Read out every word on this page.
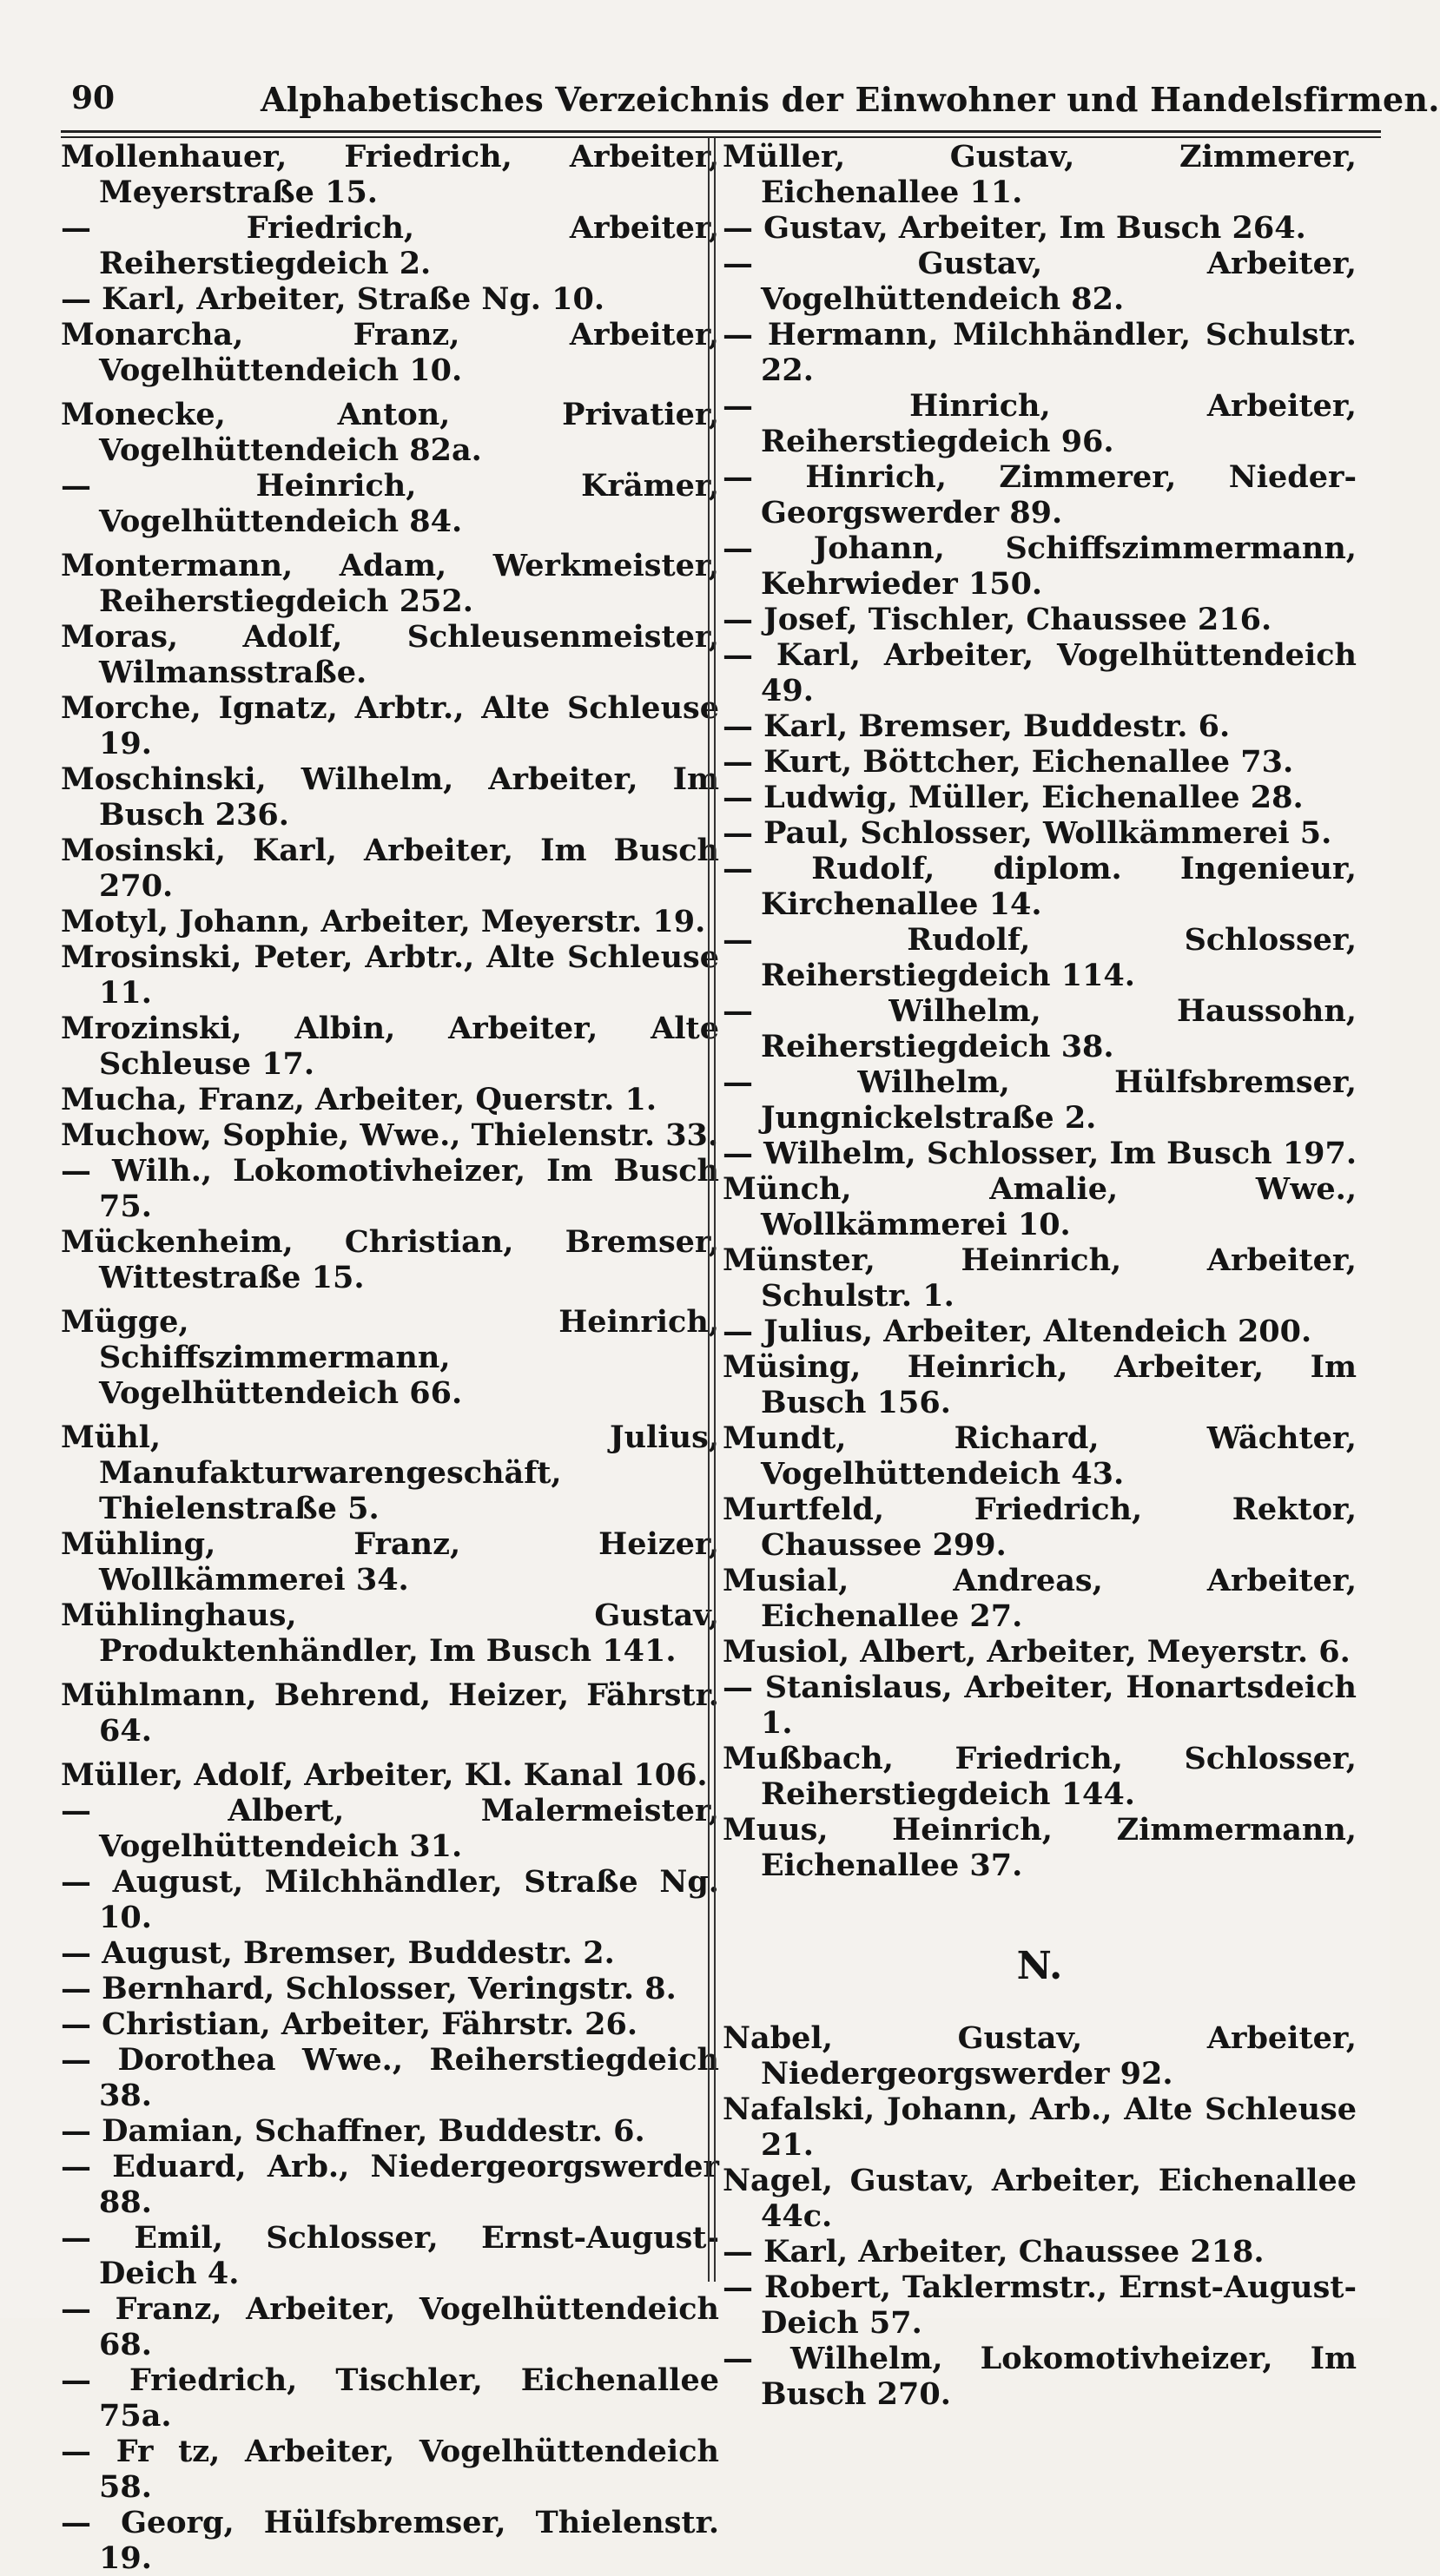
90	Alphabetisches Verzeichnis der Einwohner und Handelsfirmen.
Mollenhauer, Friedrich, Arbeiter, Meyerstraße 15.
— Friedrich, Arbeiter, Reiherstiegdeich 2.
— Karl, Arbeiter, Straße Ng. 10.
Monarcha, Franz, Arbeiter, Vogelhüttendeich 10.
Monecke, Anton, Privatier, Vogelhüttendeich 82a.
— Heinrich, Krämer, Vogelhüttendeich 84.
Montermann, Adam, Werkmeister, Reiherstiegdeich 252.
Moras, Adolf, Schleusenmeister, Wilmansstraße.
Morche, Ignatz, Arbtr., Alte Schleuse 19.
Moschinski, Wilhelm, Arbeiter, Im Busch 236.
Mosinski, Karl, Arbeiter, Im Busch 270.
Motyl, Johann, Arbeiter, Meyerstr. 19.
Mrosinski, Peter, Arbtr., Alte Schleuse 11.
Mrozinski, Albin, Arbeiter, Alte Schleuse 17.
Mucha, Franz, Arbeiter, Querstr. 1.
Muchow, Sophie, Wwe., Thielenstr. 33.
— Wilh., Lokomotivheizer, Im Busch 75.
Mückenheim, Christian, Bremser, Wittestraße 15.
Mügge, Heinrich, Schiffszimmermann, Vogelhüttendeich 66.
Mühl, Julius, Manufakturwarengeschäft, Thielenstraße 5.
Mühling, Franz, Heizer, Wollkämmerei 34.
Mühlinghaus, Gustav, Produktenhändler, Im Busch 141.
Mühlmann, Behrend, Heizer, Fährstr. 64.
Müller, Adolf, Arbeiter, Kl. Kanal 106.
— Albert, Malermeister, Vogelhüttendeich 31.
— August, Milchhändler, Straße Ng. 10.
— August, Bremser, Buddestr. 2.
— Bernhard, Schlosser, Veringstr. 8.
— Christian, Arbeiter, Fährstr. 26.
— Dorothea Wwe., Reiherstiegdeich 38.
— Damian, Schaffner, Buddestr. 6.
— Eduard, Arb., Niedergeorgswerder 88.
— Emil, Schlosser, Ernst-August-Deich 4.
— Franz, Arbeiter, Vogelhüttendeich 68.
— Friedrich, Tischler, Eichenallee 75a.
— Fr tz, Arbeiter, Vogelhüttendeich 58.
— Georg, Hülfsbremser, Thielenstr. 19.
Müller, Gustav, Zimmerer, Eichenallee 11.
— Gustav, Arbeiter, Im Busch 264.
— Gustav, Arbeiter, Vogelhüttendeich 82.
— Hermann, Milchhändler, Schulstr. 22.
— Hinrich, Arbeiter, Reiherstiegdeich 96.
— Hinrich, Zimmerer, Nieder-Georgswerder 89.
— Johann, Schiffszimmermann, Kehrwieder 150.
— Josef, Tischler, Chaussee 216.
— Karl, Arbeiter, Vogelhüttendeich 49.
— Karl, Bremser, Buddestr. 6.
— Kurt, Böttcher, Eichenallee 73.
— Ludwig, Müller, Eichenallee 28.
— Paul, Schlosser, Wollkämmerei 5.
— Rudolf, diplom. Ingenieur, Kirchenallee 14.
— Rudolf, Schlosser, Reiherstiegdeich 114.
— Wilhelm, Haussohn, Reiherstiegdeich 38.
— Wilhelm, Hülfsbremser, Jungnickelstraße 2.
— Wilhelm, Schlosser, Im Busch 197.
Münch, Amalie, Wwe., Wollkämmerei 10.
Münster, Heinrich, Arbeiter, Schulstr. 1.
— Julius, Arbeiter, Altendeich 200.
Müsing, Heinrich, Arbeiter, Im Busch 156.
Mundt, Richard, Wächter, Vogelhüttendeich 43.
Murtfeld, Friedrich, Rektor, Chaussee 299.
Musial, Andreas, Arbeiter, Eichenallee 27.
Musiol, Albert, Arbeiter, Meyerstr. 6.
— Stanislaus, Arbeiter, Honartsdeich 1.
Mußbach, Friedrich, Schlosser, Reiherstiegdeich 144.
Muus, Heinrich, Zimmermann, Eichenallee 37.
N.
Nabel, Gustav, Arbeiter, Niedergeorgswerder 92.
Nafalski, Johann, Arb., Alte Schleuse 21.
Nagel, Gustav, Arbeiter, Eichenallee 44c.
— Karl, Arbeiter, Chaussee 218.
— Robert, Taklermstr., Ernst-August-Deich 57.
— Wilhelm, Lokomotivheizer, Im Busch 270.
